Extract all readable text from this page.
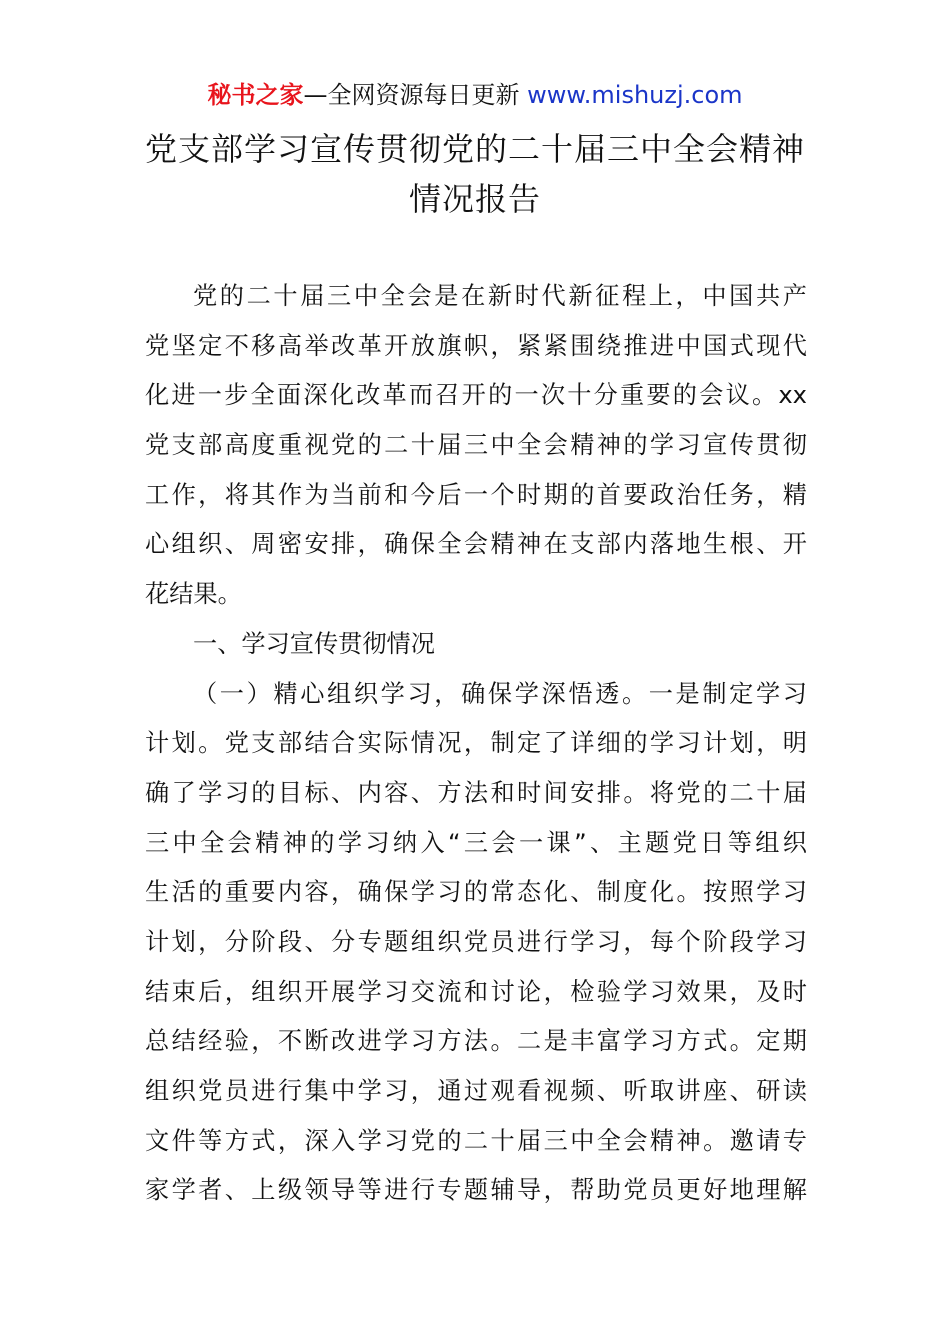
秘书之家—全网资源每日更新 www.mishuzj.com
党支部学习宣传贯彻党的二十届三中全会精神
情况报告
党的二十届三中全会是在新时代新征程上，中国共产
党坚定不移高举改革开放旗帜，紧紧围绕推进中国式现代
化进一步全面深化改革而召开的一次十分重要的会议。xx
党支部高度重视党的二十届三中全会精神的学习宣传贯彻
工作，将其作为当前和今后一个时期的首要政治任务，精
心组织、周密安排，确保全会精神在支部内落地生根、开
花结果。
一、学习宣传贯彻情况
（一）精心组织学习，确保学深悟透。一是制定学习
计划。党支部结合实际情况，制定了详细的学习计划，明
确了学习的目标、内容、方法和时间安排。将党的二十届
三中全会精神的学习纳入“三会一课”、主题党日等组织
生活的重要内容，确保学习的常态化、制度化。按照学习
计划，分阶段、分专题组织党员进行学习，每个阶段学习
结束后，组织开展学习交流和讨论，检验学习效果，及时
总结经验，不断改进学习方法。二是丰富学习方式。定期
组织党员进行集中学习，通过观看视频、听取讲座、研读
文件等方式，深入学习党的二十届三中全会精神。邀请专
家学者、上级领导等进行专题辅导，帮助党员更好地理解
